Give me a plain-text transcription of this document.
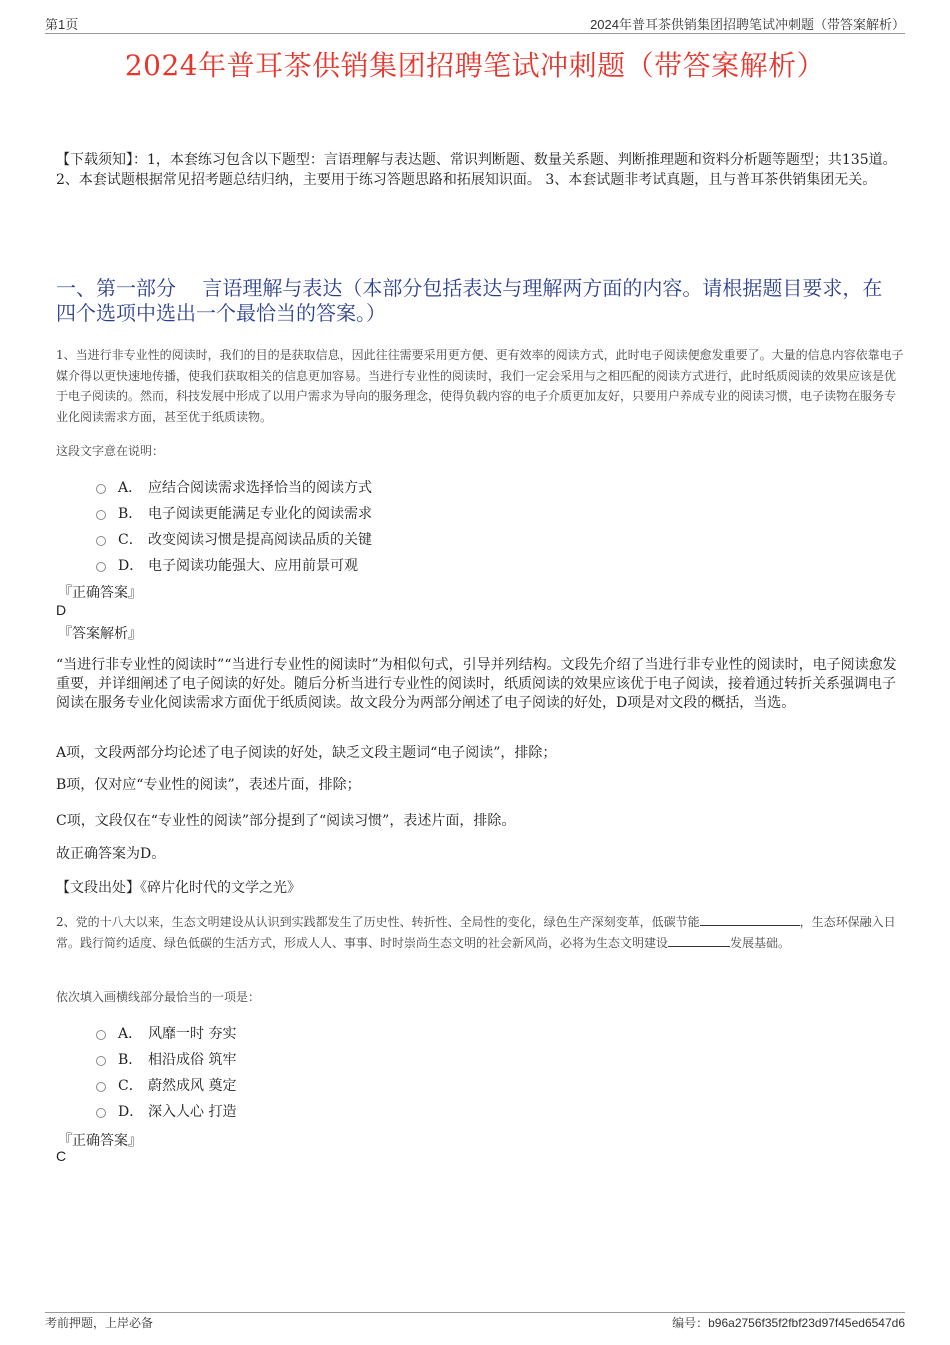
第1页	2024年普耳茶供销集团招聘笔试冲刺题（带答案解析）
2024年普耳茶供销集团招聘笔试冲刺题（带答案解析）
【下载须知】：1，本套练习包含以下题型：言语理解与表达题、常识判断题、数量关系题、判断推理题和资料分析题等题型；共135道。 2、本套试题根据常见招考题总结归纳，主要用于练习答题思路和拓展知识面。 3、本套试题非考试真题，且与普耳茶供销集团无关。
一、第一部分　 言语理解与表达（本部分包括表达与理解两方面的内容。请根据题目要求，在四个选项中选出一个最恰当的答案。）
1、当进行非专业性的阅读时，我们的目的是获取信息，因此往往需要采用更方便、更有效率的阅读方式，此时电子阅读便愈发重要了。大量的信息内容依靠电子媒介得以更快速地传播，使我们获取相关的信息更加容易。当进行专业性的阅读时，我们一定会采用与之相匹配的阅读方式进行，此时纸质阅读的效果应该是优于电子阅读的。然而，科技发展中形成了以用户需求为导向的服务理念，使得负载内容的电子介质更加友好，只要用户养成专业的阅读习惯，电子读物在服务专业化阅读需求方面，甚至优于纸质读物。
这段文字意在说明：
A． 应结合阅读需求选择恰当的阅读方式
B． 电子阅读更能满足专业化的阅读需求
C． 改变阅读习惯是提高阅读品质的关键
D． 电子阅读功能强大、应用前景可观
『正确答案』
D
『答案解析』
“当进行非专业性的阅读时”“当进行专业性的阅读时”为相似句式，引导并列结构。文段先介绍了当进行非专业性的阅读时，电子阅读愈发重要，并详细阐述了电子阅读的好处。随后分析当进行专业性的阅读时，纸质阅读的效果应该优于电子阅读，接着通过转折关系强调电子阅读在服务专业化阅读需求方面优于纸质阅读。故文段分为两部分阐述了电子阅读的好处，D项是对文段的概括，当选。
A项，文段两部分均论述了电子阅读的好处，缺乏文段主题词“电子阅读”，排除；
B项，仅对应“专业性的阅读”，表述片面，排除；
C项，文段仅在“专业性的阅读”部分提到了“阅读习惯”，表述片面，排除。
故正确答案为D。
【文段出处】《碎片化时代的文学之光》
2、党的十八大以来，生态文明建设从认识到实践都发生了历史性、转折性、全局性的变化，绿色生产深刻变革，低碳节能	，生态环保融入日常。践行简约适度、绿色低碳的生活方式，形成人人、事事、时时崇尚生态文明的社会新风尚，必将为生态文明建设	发展基础。
依次填入画横线部分最恰当的一项是：
A． 风靡一时 夯实
B． 相沿成俗 筑牢
C． 蔚然成风 奠定
D． 深入人心 打造
『正确答案』
C
考前押题，上岸必备	编号：b96a2756f35f2fbf23d97f45ed6547d6
